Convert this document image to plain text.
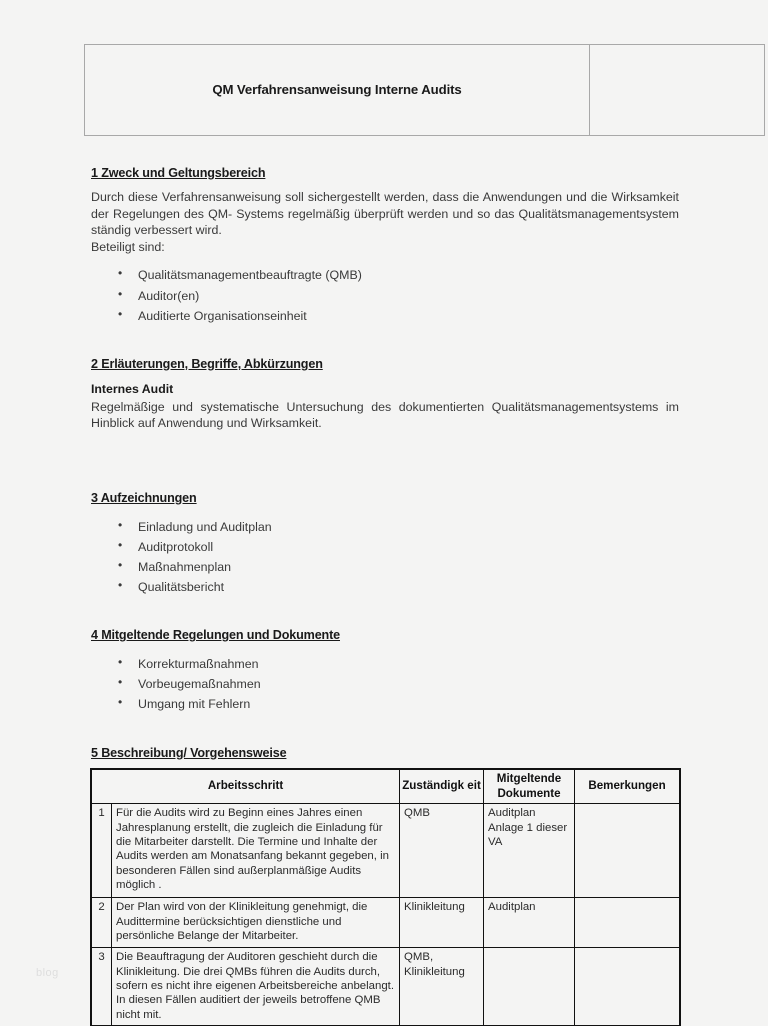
QM Verfahrensanweisung Interne Audits	
1 Zweck und Geltungsbereich

Durch diese Verfahrensanweisung soll sichergestellt werden, dass die Anwendungen und die Wirksamkeit der Regelungen des QM- Systems regelmäßig überprüft werden und so das Qualitätsmanagementsystem ständig verbessert wird.

Beteiligt sind:

• Qualitätsmanagementbeauftragte (QMB)
• Auditor(en)
• Auditierte Organisationseinheit
2 Erläuterungen, Begriffe, Abkürzungen
Internes Audit

Regelmäßige und systematische Untersuchung des dokumentierten Qualitätsmanagementsystems im Hinblick auf Anwendung und Wirksamkeit.

3 Aufzeichnungen
• Einladung und Auditplan
• Auditprotokoll
• Maßnahmenplan
• Qualitätsbericht
4 Mitgeltende Regelungen und Dokumente
• Korrekturmaßnahmen
• Vorbeugemaßnahmen
• Umgang mit Fehlern
5 Beschreibung/ Vorgehensweise
Arbeitsschritt		Zuständigk eit	Mitgeltende Dokumente	Bemerkungen
1	Für die Audits wird zu Beginn eines Jahres einen Jahresplanung erstellt, die zugleich die Einladung für die Mitarbeiter darstellt. Die Termine und Inhalte der Audits werden am Monatsanfang bekannt gegeben, in besonderen Fällen sind außerplanmäßige Audits möglich .	QMB	Auditplan Anlage 1 dieser VA	
2	Der Plan wird von der Klinikleitung genehmigt, die Audittermine berücksichtigen dienstliche und persönliche Belange der Mitarbeiter.	Klinikleitung	Auditplan	
3	Die Beauftragung der Auditoren geschieht durch die Klinikleitung. Die drei QMBs führen die Audits durch, sofern es nicht ihre eigenen Arbeitsbereiche anbelangt. In diesen Fällen auditiert der jeweils betroffene QMB nicht mit.	QMB, Klinikleitung		
blog
